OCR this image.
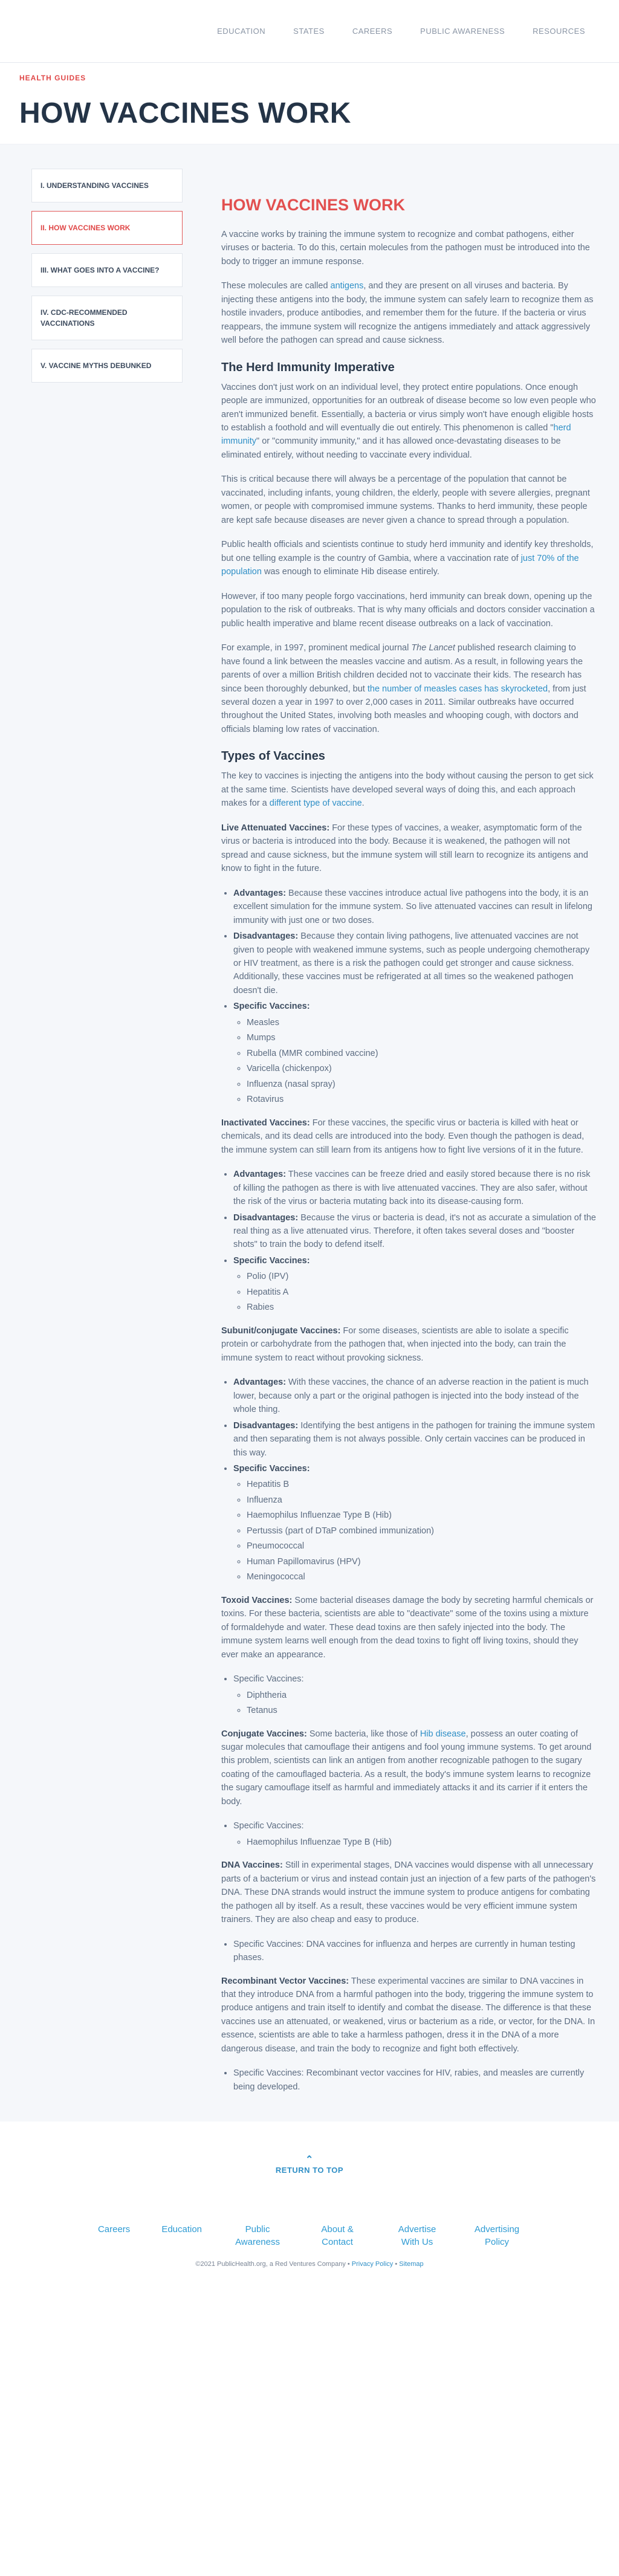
EDUCATION	STATES	CAREERS	PUBLIC AWARENESS	RESOURCES
HEALTH GUIDES
HOW VACCINES WORK
I. UNDERSTANDING VACCINES
II. HOW VACCINES WORK
III. WHAT GOES INTO A VACCINE?
IV. CDC-RECOMMENDED VACCINATIONS
V. VACCINE MYTHS DEBUNKED
HOW VACCINES WORK

A vaccine works by training the immune system to recognize and combat pathogens, either viruses or bacteria. To do this, certain molecules from the pathogen must be introduced into the body to trigger an immune response.

These molecules are called antigens, and they are present on all viruses and bacteria. By injecting these antigens into the body, the immune system can safely learn to recognize them as hostile invaders, produce antibodies, and remember them for the future. If the bacteria or virus reappears, the immune system will recognize the antigens immediately and attack aggressively well before the pathogen can spread and cause sickness.

The Herd Immunity Imperative

Vaccines don't just work on an individual level, they protect entire populations. Once enough people are immunized, opportunities for an outbreak of disease become so low even people who aren't immunized benefit. Essentially, a bacteria or virus simply won't have enough eligible hosts to establish a foothold and will eventually die out entirely. This phenomenon is called "herd immunity" or "community immunity," and it has allowed once-devastating diseases to be eliminated entirely, without needing to vaccinate every individual.

This is critical because there will always be a percentage of the population that cannot be vaccinated, including infants, young children, the elderly, people with severe allergies, pregnant women, or people with compromised immune systems. Thanks to herd immunity, these people are kept safe because diseases are never given a chance to spread through a population.

Public health officials and scientists continue to study herd immunity and identify key thresholds, but one telling example is the country of Gambia, where a vaccination rate of just 70% of the population was enough to eliminate Hib disease entirely.

However, if too many people forgo vaccinations, herd immunity can break down, opening up the population to the risk of outbreaks. That is why many officials and doctors consider vaccination a public health imperative and blame recent disease outbreaks on a lack of vaccination.

For example, in 1997, prominent medical journal The Lancet published research claiming to have found a link between the measles vaccine and autism. As a result, in following years the parents of over a million British children decided not to vaccinate their kids. The research has since been thoroughly debunked, but the number of measles cases has skyrocketed, from just several dozen a year in 1997 to over 2,000 cases in 2011. Similar outbreaks have occurred throughout the United States, involving both measles and whooping cough, with doctors and officials blaming low rates of vaccination.

Types of Vaccines

The key to vaccines is injecting the antigens into the body without causing the person to get sick at the same time. Scientists have developed several ways of doing this, and each approach makes for a different type of vaccine.

Live Attenuated Vaccines: For these types of vaccines, a weaker, asymptomatic form of the virus or bacteria is introduced into the body. Because it is weakened, the pathogen will not spread and cause sickness, but the immune system will still learn to recognize its antigens and know to fight in the future.

• Advantages: Because these vaccines introduce actual live pathogens into the body, it is an excellent simulation for the immune system. So live attenuated vaccines can result in lifelong immunity with just one or two doses.
• Disadvantages: Because they contain living pathogens, live attenuated vaccines are not given to people with weakened immune systems, such as people undergoing chemotherapy or HIV treatment, as there is a risk the pathogen could get stronger and cause sickness. Additionally, these vaccines must be refrigerated at all times so the weakened pathogen doesn't die.
• Specific Vaccines:
◦ Measles
◦ Mumps
◦ Rubella (MMR combined vaccine)
◦ Varicella (chickenpox)
◦ Influenza (nasal spray)
◦ Rotavirus

Inactivated Vaccines: For these vaccines, the specific virus or bacteria is killed with heat or chemicals, and its dead cells are introduced into the body. Even though the pathogen is dead, the immune system can still learn from its antigens how to fight live versions of it in the future.

• Advantages: These vaccines can be freeze dried and easily stored because there is no risk of killing the pathogen as there is with live attenuated vaccines. They are also safer, without the risk of the virus or bacteria mutating back into its disease-causing form.
• Disadvantages: Because the virus or bacteria is dead, it's not as accurate a simulation of the real thing as a live attenuated virus. Therefore, it often takes several doses and "booster shots" to train the body to defend itself.
• Specific Vaccines:
◦ Polio (IPV)
◦ Hepatitis A
◦ Rabies

Subunit/conjugate Vaccines: For some diseases, scientists are able to isolate a specific protein or carbohydrate from the pathogen that, when injected into the body, can train the immune system to react without provoking sickness.

• Advantages: With these vaccines, the chance of an adverse reaction in the patient is much lower, because only a part or the original pathogen is injected into the body instead of the whole thing.
• Disadvantages: Identifying the best antigens in the pathogen for training the immune system and then separating them is not always possible. Only certain vaccines can be produced in this way.
• Specific Vaccines:
◦ Hepatitis B
◦ Influenza
◦ Haemophilus Influenzae Type B (Hib)
◦ Pertussis (part of DTaP combined immunization)
◦ Pneumococcal
◦ Human Papillomavirus (HPV)
◦ Meningococcal

Toxoid Vaccines: Some bacterial diseases damage the body by secreting harmful chemicals or toxins. For these bacteria, scientists are able to "deactivate" some of the toxins using a mixture of formaldehyde and water. These dead toxins are then safely injected into the body. The immune system learns well enough from the dead toxins to fight off living toxins, should they ever make an appearance.

• Specific Vaccines:
◦ Diphtheria
◦ Tetanus

Conjugate Vaccines: Some bacteria, like those of Hib disease, possess an outer coating of sugar molecules that camouflage their antigens and fool young immune systems. To get around this problem, scientists can link an antigen from another recognizable pathogen to the sugary coating of the camouflaged bacteria. As a result, the body's immune system learns to recognize the sugary camouflage itself as harmful and immediately attacks it and its carrier if it enters the body.

• Specific Vaccines:
◦ Haemophilus Influenzae Type B (Hib)

DNA Vaccines: Still in experimental stages, DNA vaccines would dispense with all unnecessary parts of a bacterium or virus and instead contain just an injection of a few parts of the pathogen's DNA. These DNA strands would instruct the immune system to produce antigens for combating the pathogen all by itself. As a result, these vaccines would be very efficient immune system trainers. They are also cheap and easy to produce.

• Specific Vaccines: DNA vaccines for influenza and herpes are currently in human testing phases.

Recombinant Vector Vaccines: These experimental vaccines are similar to DNA vaccines in that they introduce DNA from a harmful pathogen into the body, triggering the immune system to produce antigens and train itself to identify and combat the disease. The difference is that these vaccines use an attenuated, or weakened, virus or bacterium as a ride, or vector, for the DNA. In essence, scientists are able to take a harmless pathogen, dress it in the DNA of a more dangerous disease, and train the body to recognize and fight both effectively.

• Specific Vaccines: Recombinant vector vaccines for HIV, rabies, and measles are currently being developed.
⌃
RETURN TO TOP
Careers	Education	Public Awareness
About & Contact
Advertise With Us
Advertising Policy
©2021 PublicHealth.org, a Red Ventures Company • Privacy Policy • Sitemap
